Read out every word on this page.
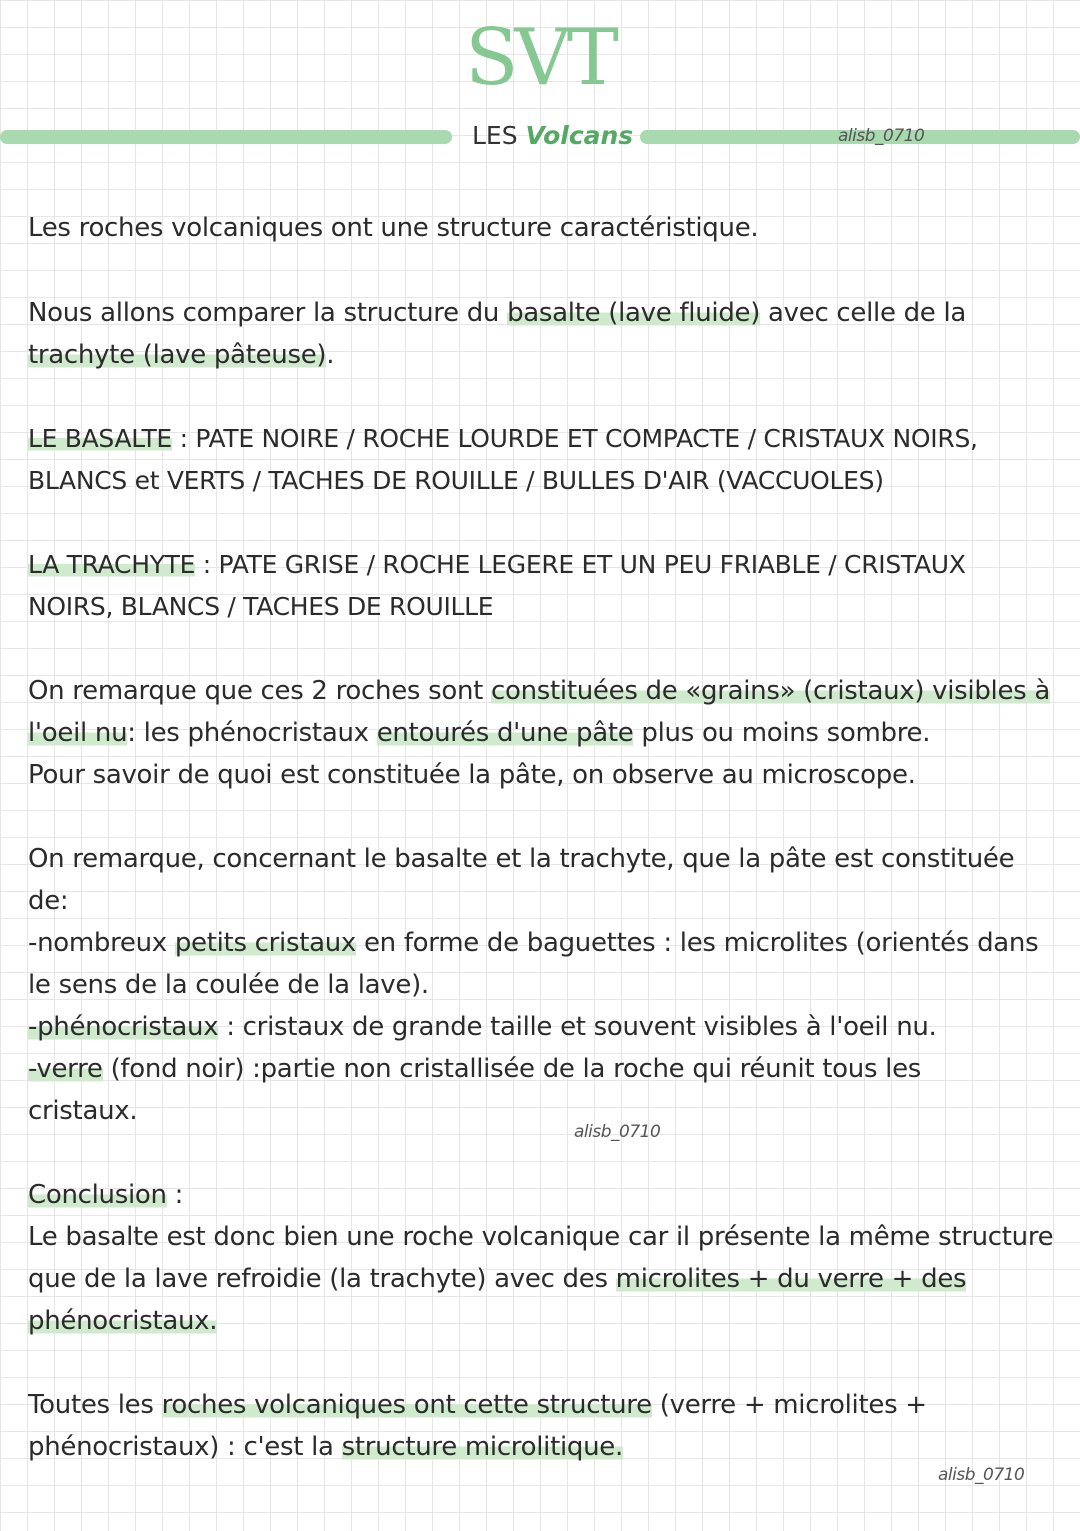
SVT
LES Volcans	alisb_0710

Les roches volcaniques ont une structure caractéristique.

Nous allons comparer la structure du basalte (lave fluide) avec celle de la
trachyte (lave pâteuse).

LE BASALTE : PATE NOIRE / ROCHE LOURDE ET COMPACTE / CRISTAUX NOIRS,
BLANCS et VERTS / TACHES DE ROUILLE / BULLES D'AIR (VACCUOLES)

LA TRACHYTE : PATE GRISE / ROCHE LEGERE ET UN PEU FRIABLE / CRISTAUX
NOIRS, BLANCS / TACHES DE ROUILLE

On remarque que ces 2 roches sont constituées de «grains» (cristaux) visibles à
l'oeil nu: les phénocristaux entourés d'une pâte plus ou moins sombre.
Pour savoir de quoi est constituée la pâte, on observe au microscope.

On remarque, concernant le basalte et la trachyte, que la pâte est constituée
de:
-nombreux petits cristaux en forme de baguettes : les microlites (orientés dans
le sens de la coulée de la lave).
-phénocristaux : cristaux de grande taille et souvent visibles à l'oeil nu.
-verre (fond noir) :partie non cristallisée de la roche qui réunit tous les
cristaux.

alisb_0710

Conclusion :
Le basalte est donc bien une roche volcanique car il présente la même structure
que de la lave refroidie (la trachyte) avec des microlites + du verre + des
phénocristaux.

Toutes les roches volcaniques ont cette structure (verre + microlites +
phénocristaux) : c'est la structure microlitique.

alisb_0710
